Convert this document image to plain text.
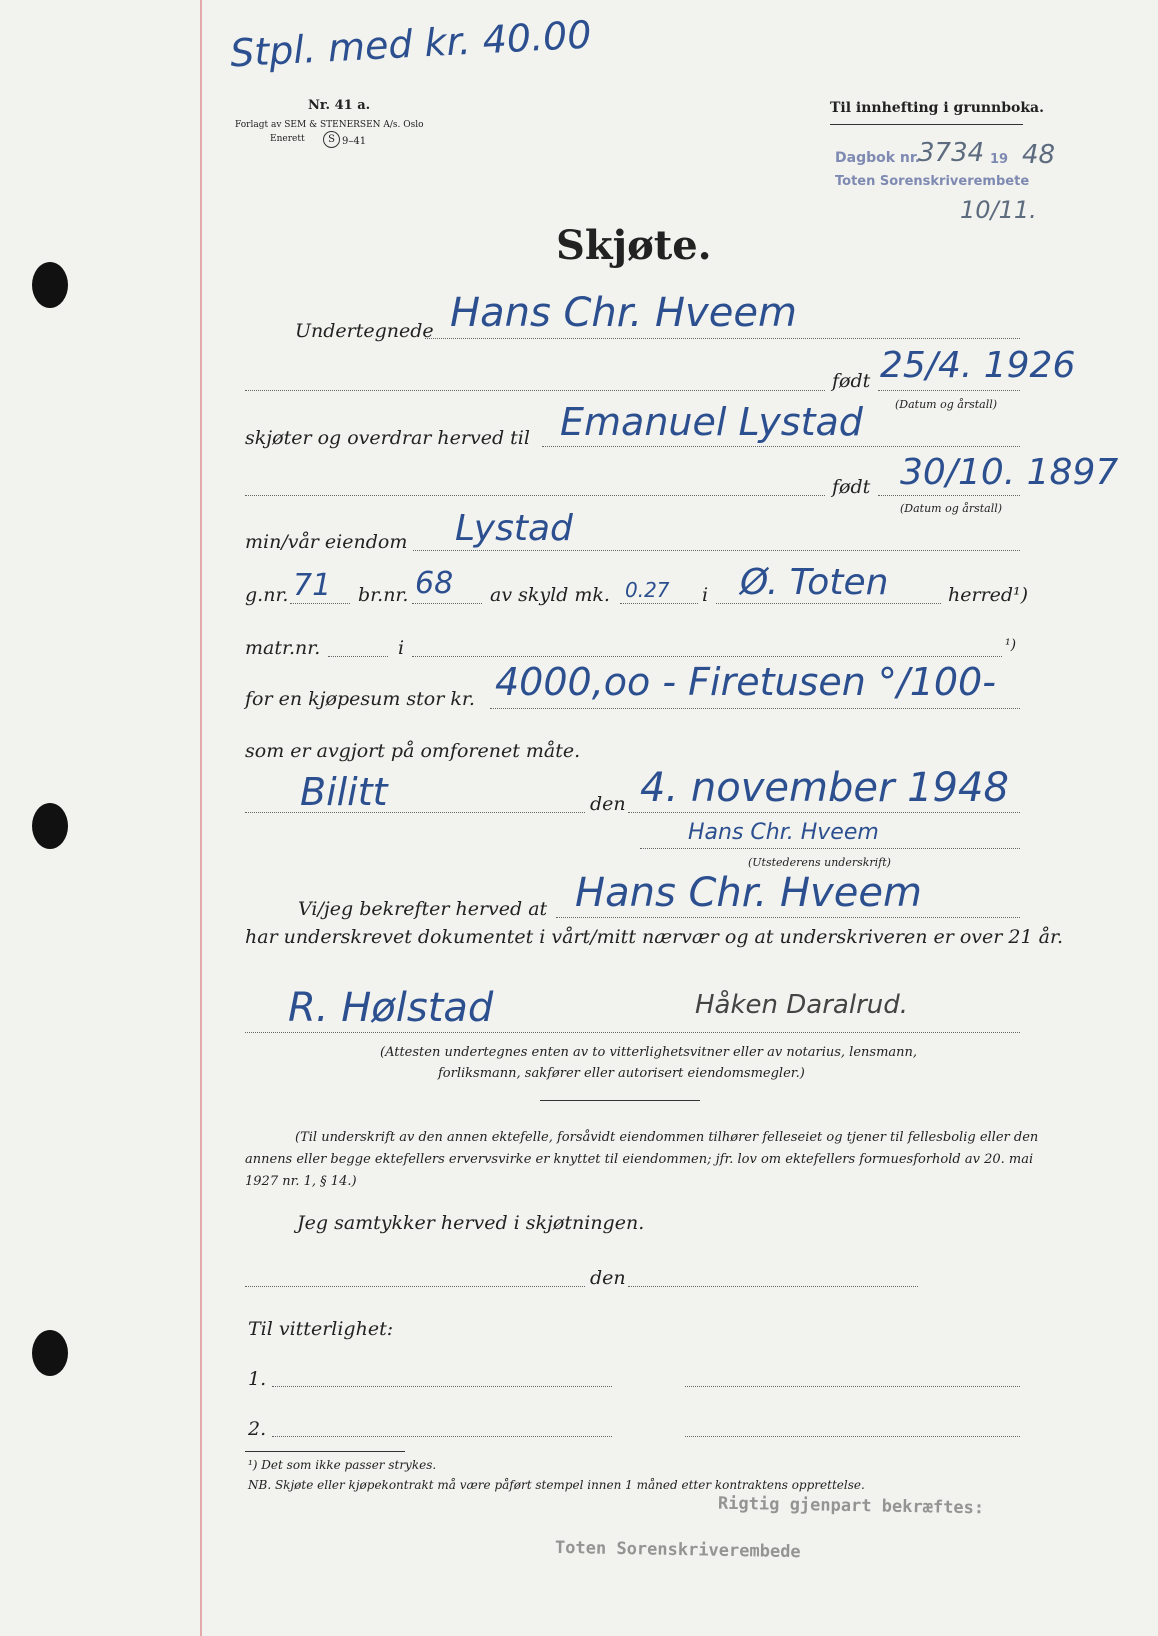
Stpl. med kr. 40.00
Nr. 41 a.
Forlagt av SEM & STENERSEN A/s. Oslo
Enerett	S 9–41
Til innhefting i grunnboka.
Dagbok nr.
3734 19 48
Toten Sorenskriverembete
10/11.
Skjøte.
Undertegnede Hans Chr. Hveem
født 25/4. 1926
(Datum og årstall)
skjøter og overdrar herved til Emanuel Lystad
født 30/10. 1897
(Datum og årstall)
min/vår eiendom Lystad
g.nr. 71 br.nr. 68 av skyld mk. 0.27 i Ø. Toten	herred¹)
matr.nr.	i	¹)
for en kjøpesum stor kr. 4000,oo - Firetusen °/100-
som er avgjort på omforenet måte.
Bilitt	den 4. november 1948
Hans Chr. Hveem
(Utstederens underskrift)
Vi/jeg bekrefter herved at Hans Chr. Hveem
har underskrevet dokumentet i vårt/mitt nærvær og at underskriveren er over 21 år.
R. Hølstad	Håken Daralrud.
(Attesten undertegnes enten av to vitterlighetsvitner eller av notarius, lensmann,
forliksmann, sakfører eller autorisert eiendomsmegler.)
(Til underskrift av den annen ektefelle, forsåvidt eiendommen tilhører felleseiet og tjener til fellesbolig eller den
annens eller begge ektefellers ervervsvirke er knyttet til eiendommen; jfr. lov om ektefellers formuesforhold av 20. mai
1927 nr. 1, § 14.)
Jeg samtykker herved i skjøtningen.
den
Til vitterlighet:
1.
2.
¹) Det som ikke passer strykes.
NB. Skjøte eller kjøpekontrakt må være påført stempel innen 1 måned etter kontraktens opprettelse.
Rigtig gjenpart bekræftes:
Toten Sorenskriverembede
